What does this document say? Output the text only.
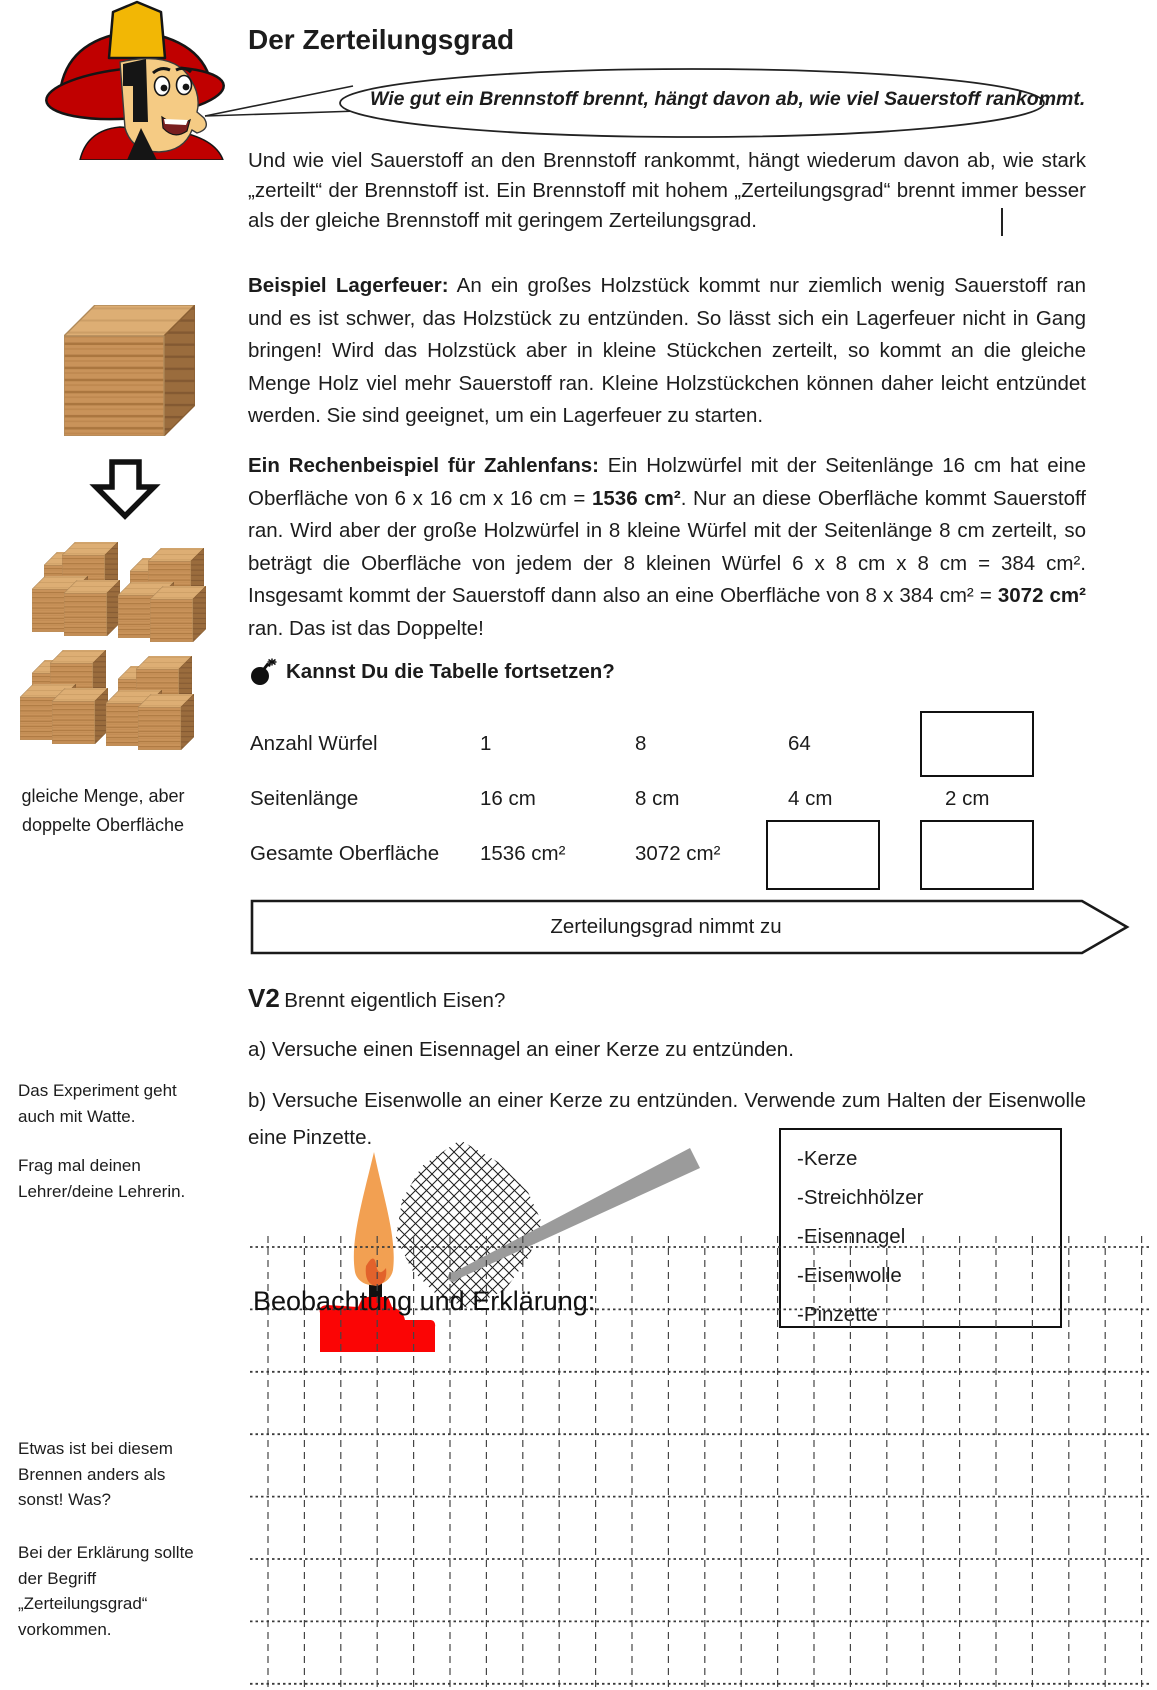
Der Zerteilungsgrad
Wie gut ein Brennstoff brennt, hängt davon ab, wie viel Sauerstoff rankommt.

Und wie viel Sauerstoff an den Brennstoff rankommt, hängt wiederum davon ab, wie stark „zerteilt“ der Brennstoff ist. Ein Brennstoff mit hohem „Zerteilungsgrad“ brennt immer besser als der gleiche Brennstoff mit geringem Zerteilungsgrad.

Beispiel Lagerfeuer: An ein großes Holzstück kommt nur ziemlich wenig Sauerstoff ran und es ist schwer, das Holzstück zu entzünden. So lässt sich ein Lagerfeuer nicht in Gang bringen! Wird das Holzstück aber in kleine Stückchen zerteilt, so kommt an die gleiche Menge Holz viel mehr Sauerstoff ran. Kleine Holzstückchen können daher leicht entzündet werden. Sie sind geeignet, um ein Lagerfeuer zu starten.

Ein Rechenbeispiel für Zahlenfans: Ein Holzwürfel mit der Seitenlänge 16 cm hat eine Oberfläche von 6 x 16 cm x 16 cm = 1536 cm². Nur an diese Oberfläche kommt Sauerstoff ran. Wird aber der große Holzwürfel in 8 kleine Würfel mit der Seitenlänge 8 cm zerteilt, so beträgt die Oberfläche von jedem der 8 kleinen Würfel 6 x 8 cm x 8 cm = 384 cm². Insgesamt kommt der Sauerstoff dann also an eine Oberfläche von 8 x 384 cm² = 3072 cm² ran. Das ist das Doppelte!

gleiche Menge, aber doppelte Oberfläche
Kannst Du die Tabelle fortsetzen?
Anzahl Würfel	1	8	64
Seitenlänge	16 cm	8 cm	4 cm	2 cm
Gesamte Oberfläche 1536 cm²	3072 cm²
Zerteilungsgrad nimmt zu
V2 Brennt eigentlich Eisen?
a) Versuche einen Eisennagel an einer Kerze zu entzünden.

b) Versuche Eisenwolle an einer Kerze zu entzünden. Verwende zum Halten der Eisenwolle eine Pinzette.

-Kerze
-Streichhölzer
-Eisennagel
-Eisenwolle
-Pinzette
Das Experiment geht auch mit Watte.
Frag mal deinen Lehrer/deine Lehrerin.
Etwas ist bei diesem Brennen anders als sonst! Was?
Bei der Erklärung sollte der Begriff „Zerteilungsgrad“ vorkommen.
Beobachtung und Erklärung:
